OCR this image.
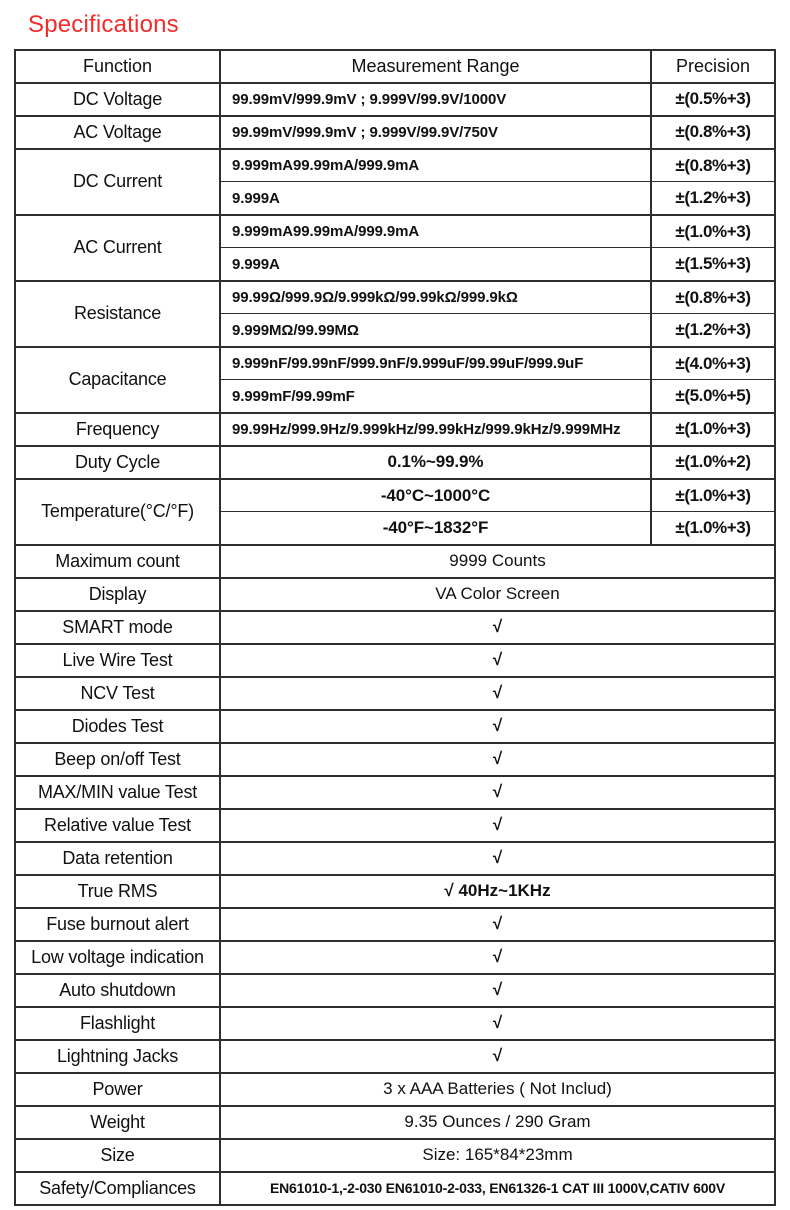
Specifications
Function	Measurement Range	Precision
DC Voltage	99.99mV/999.9mV ; 9.999V/99.9V/1000V	±(0.5%+3)
AC Voltage	99.99mV/999.9mV ; 9.999V/99.9V/750V	±(0.8%+3)
DC Current	9.999mA99.99mA/999.9mA	±(0.8%+3)
	9.999A	±(1.2%+3)
AC Current	9.999mA99.99mA/999.9mA	±(1.0%+3)
	9.999A	±(1.5%+3)
Resistance	99.99Ω/999.9Ω/9.999kΩ/99.99kΩ/999.9kΩ	±(0.8%+3)
	9.999MΩ/99.99MΩ	±(1.2%+3)
Capacitance	9.999nF/99.99nF/999.9nF/9.999uF/99.99uF/999.9uF	±(4.0%+3)
	9.999mF/99.99mF	±(5.0%+5)
Frequency	99.99Hz/999.9Hz/9.999kHz/99.99kHz/999.9kHz/9.999MHz	±(1.0%+3)
Duty Cycle	0.1%~99.9%	±(1.0%+2)
Temperature(°C/°F)	-40°C~1000°C	±(1.0%+3)
	-40°F~1832°F	±(1.0%+3)
Maximum count	9999 Counts	
Display	VA Color Screen	
SMART mode	√	
Live Wire Test	√	
NCV Test	√	
Diodes Test	√	
Beep on/off Test	√	
MAX/MIN value Test	√	
Relative value Test	√	
Data retention	√	
True RMS	√ 40Hz~1KHz	
Fuse burnout alert	√	
Low voltage indication	√	
Auto shutdown	√	
Flashlight	√	
Lightning Jacks	√	
Power	3 x AAA Batteries ( Not Includ)	
Weight	9.35 Ounces / 290 Gram	
Size	Size: 165*84*23mm	
Safety/Compliances	EN61010-1,-2-030 EN61010-2-033, EN61326-1 CAT III 1000V,CATIV 600V	
